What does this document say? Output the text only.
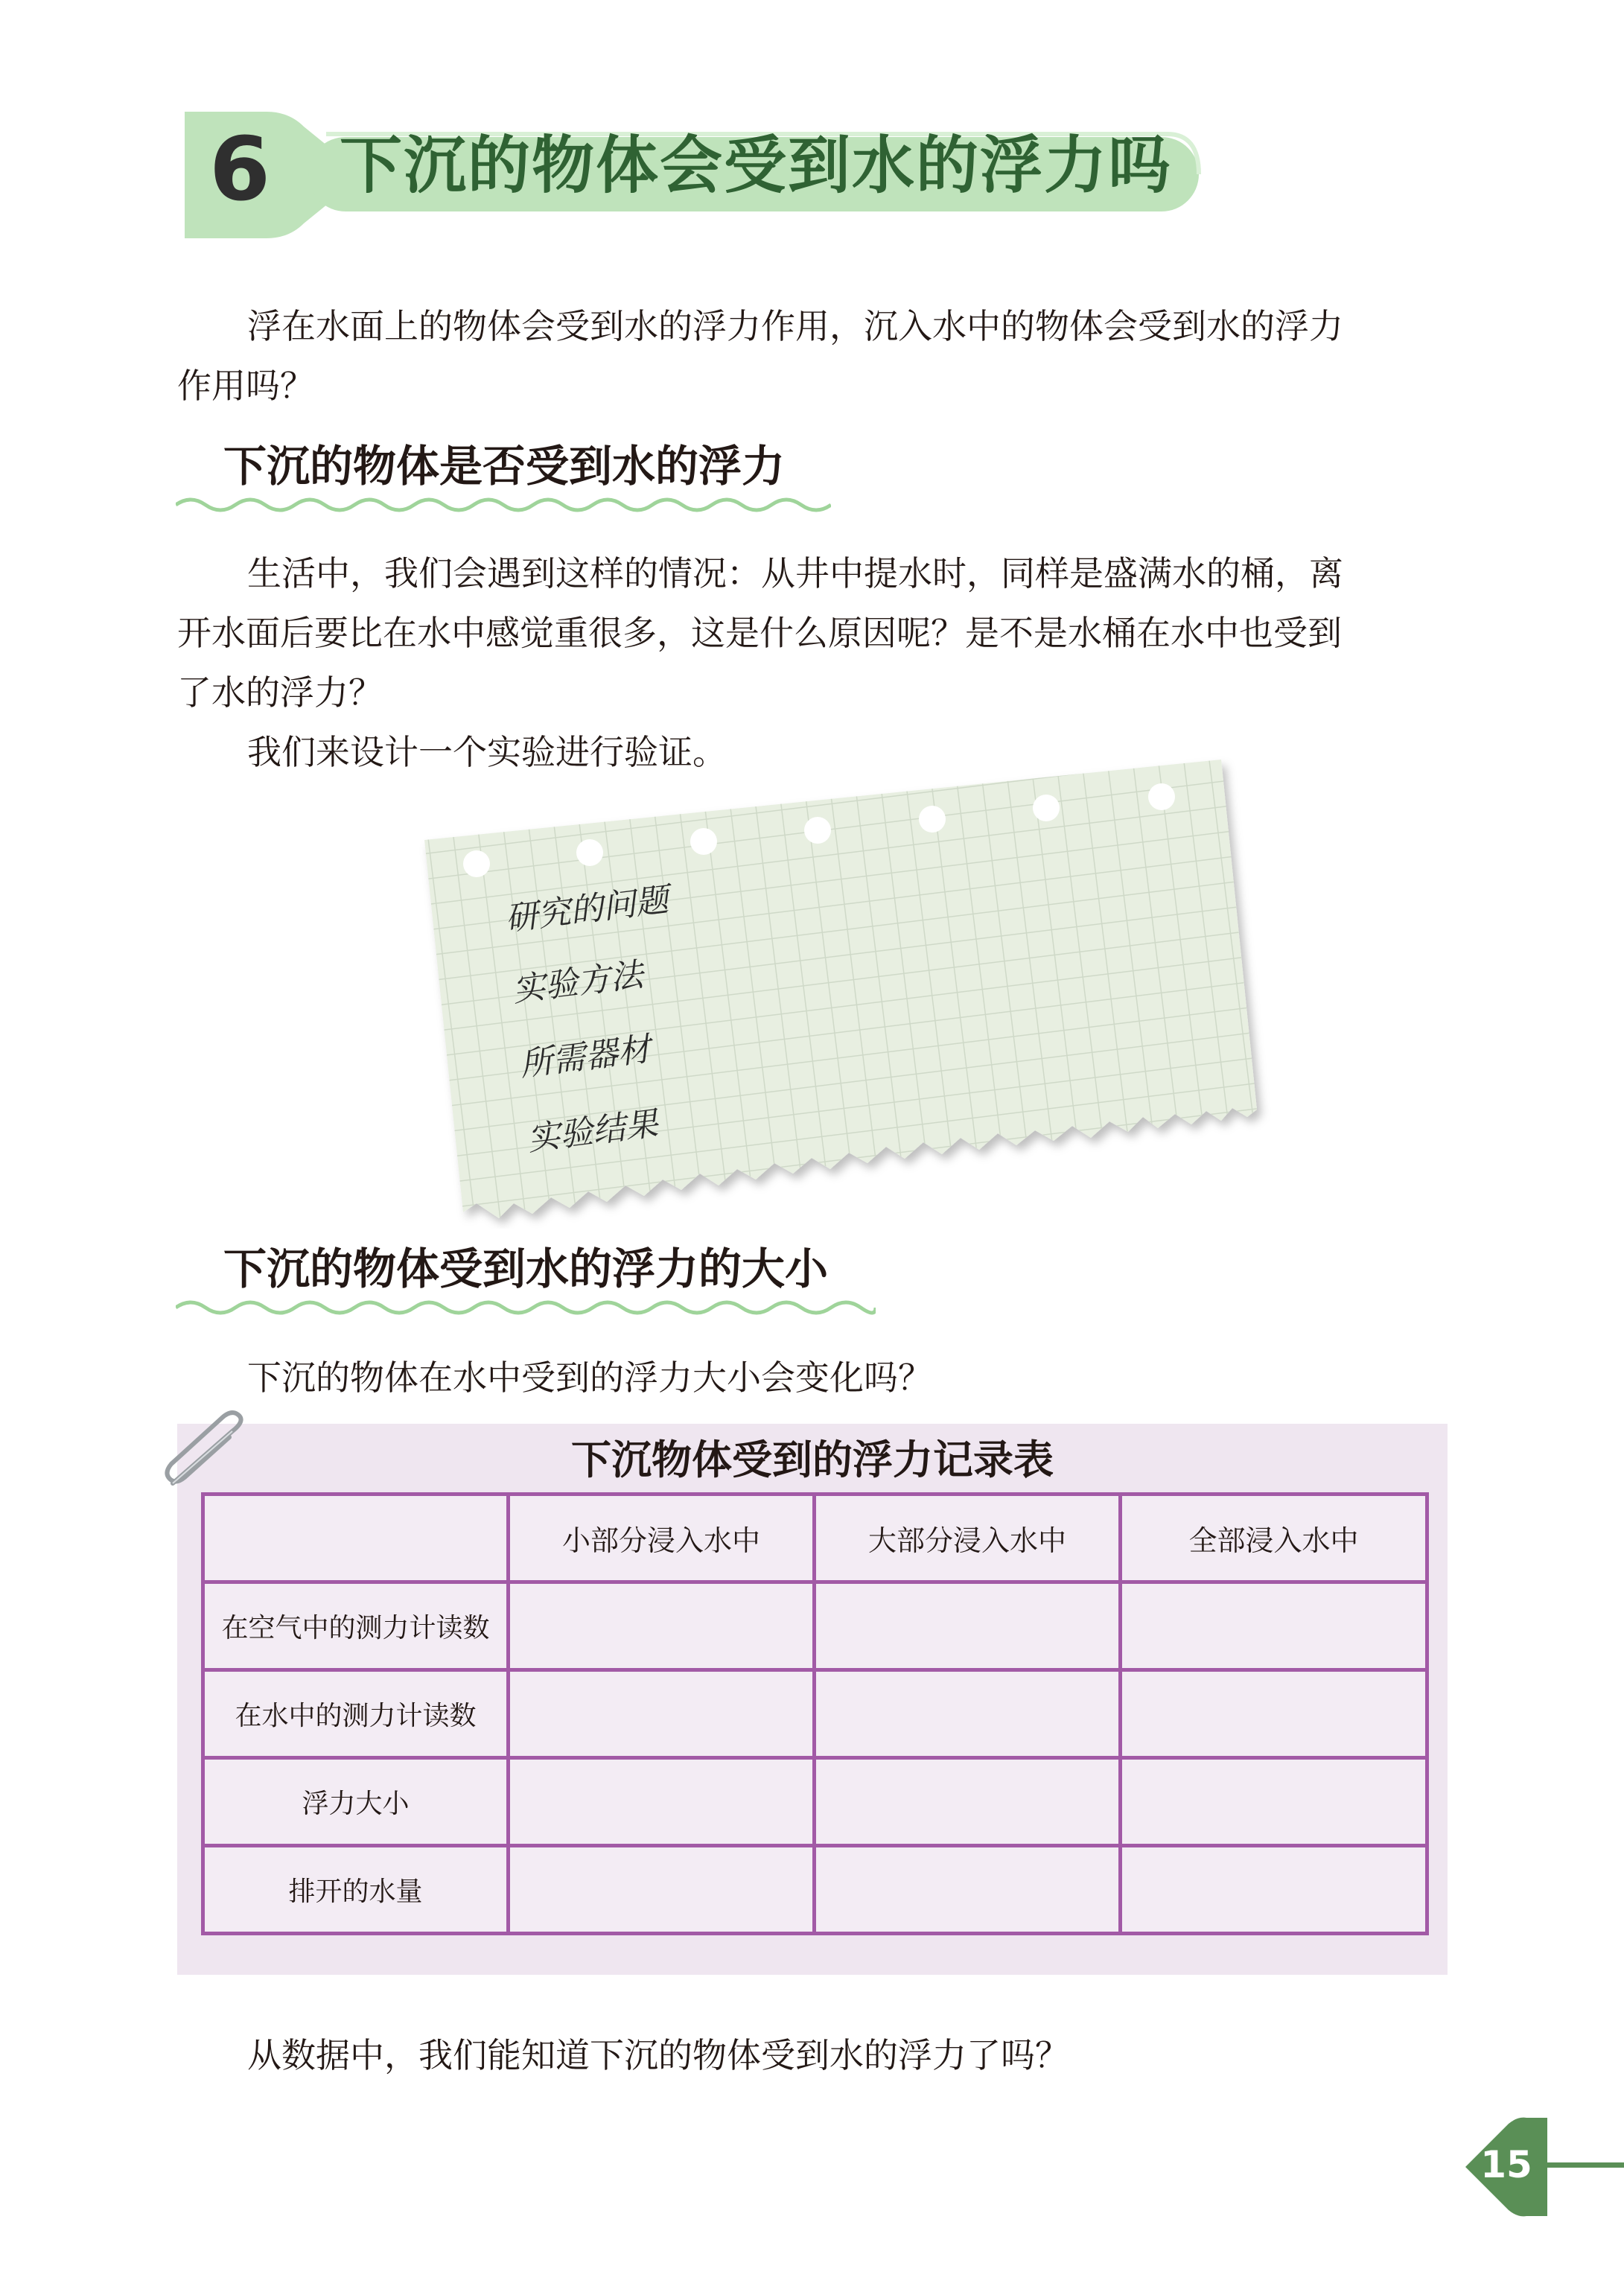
6 下沉的物体会受到水的浮力吗

浮在水面上的物体会受到水的浮力作用，沉入水中的物体会受到水的浮力

作用吗？

下沉的物体是否受到水的浮力

生活中，我们会遇到这样的情况：从井中提水时，同样是盛满水的桶，离

开水面后要比在水中感觉重很多，这是什么原因呢？是不是水桶在水中也受到

了水的浮力？

我们来设计一个实验进行验证。

研究的问题
实验方法
所需器材
实验结果
下沉的物体受到水的浮力的大小
下沉的物体在水中受到的浮力大小会变化吗？
下沉物体受到的浮力记录表
	小部分浸入水中	大部分浸入水中	全部浸入水中
在空气中的测力计读数			
在水中的测力计读数			
浮力大小			
排开的水量			
从数据中，我们能知道下沉的物体受到水的浮力了吗？
15
